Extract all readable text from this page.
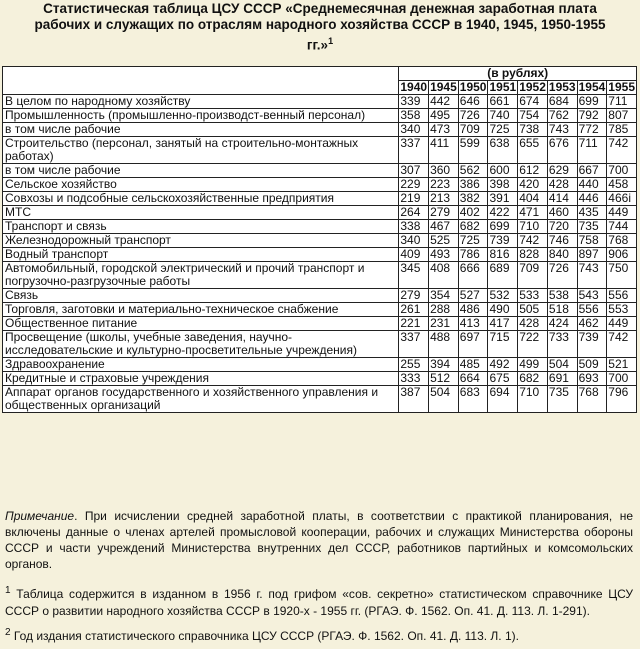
Статистическая таблица ЦСУ СССР «Среднемесячная денежная заработная плата рабочих и служащих по отраслям народного хозяйства СССР в 1940, 1945, 1950-1955 гг.»$^1$
	(в рублях)							
	1940	1945	1950	1951	1952	1953	1954	1955
В целом по народному хозяйству	339	442	646	661	674	684	699	711
Промышленность (промышленно-производст-венный персонал)	358	495	726	740	754	762	792	807
в том числе рабочие	340	473	709	725	738	743	772	785
Строительство (персонал, занятый на строительно-монтажных работах)	337	411	599	638	655	676	711	742
в том числе рабочие	307	360	562	600	612	629	667	700
Сельское хозяйство	229	223	386	398	420	428	440	458
Совхозы и подсобные сельскохозяйственные предприятия	219	213	382	391	404	414	446	466i
МТС	264	279	402	422	471	460	435	449
Транспорт и связь	338	467	682	699	710	720	735	744
Железнодорожный транспорт	340	525	725	739	742	746	758	768
Водный транспорт	409	493	786	816	828	840	897	906
Автомобильный, городской электрический и прочий транспорт и погрузочно-разгрузочные работы	345	408	666	689	709	726	743	750
Связь	279	354	527	532	533	538	543	556
Торговля, заготовки и материально-техническое снабжение	261	288	486	490	505	518	556	553
Общественное питание	221	231	413	417	428	424	462	449
Просвещение (школы, учебные заведения, научно-исследовательские и культурно-просветительные учреждения)	337	488	697	715	722	733	739	742
Здравоохранение	255	394	485	492	499	504	509	521
Кредитные и страховые учреждения	333	512	664	675	682	691	693	700
Аппарат органов государственного и хозяйственного управления и общественных организаций	387	504	683	694	710	735	768	796
Примечание. При исчислении средней заработной платы, в соответствии с практикой планирования, не включены данные о членах артелей промысловой кооперации, рабочих и служащих Министерства обороны СССР и части учреждений Министерства внутренних дел СССР, работников партийных и комсомольских органов.
$^1$ Таблица содержится в изданном в 1956 г. под грифом «сов. секретно» статистическом справочнике ЦСУ СССР о развитии народного хозяйства СССР в 1920-х - 1955 гг. (РГАЭ. Ф. 1562. Оп. 41. Д. 113. Л. 1-291).
$^2$ Год издания статистического справочника ЦСУ СССР (РГАЭ. Ф. 1562. Оп. 41. Д. 113. Л. 1).
